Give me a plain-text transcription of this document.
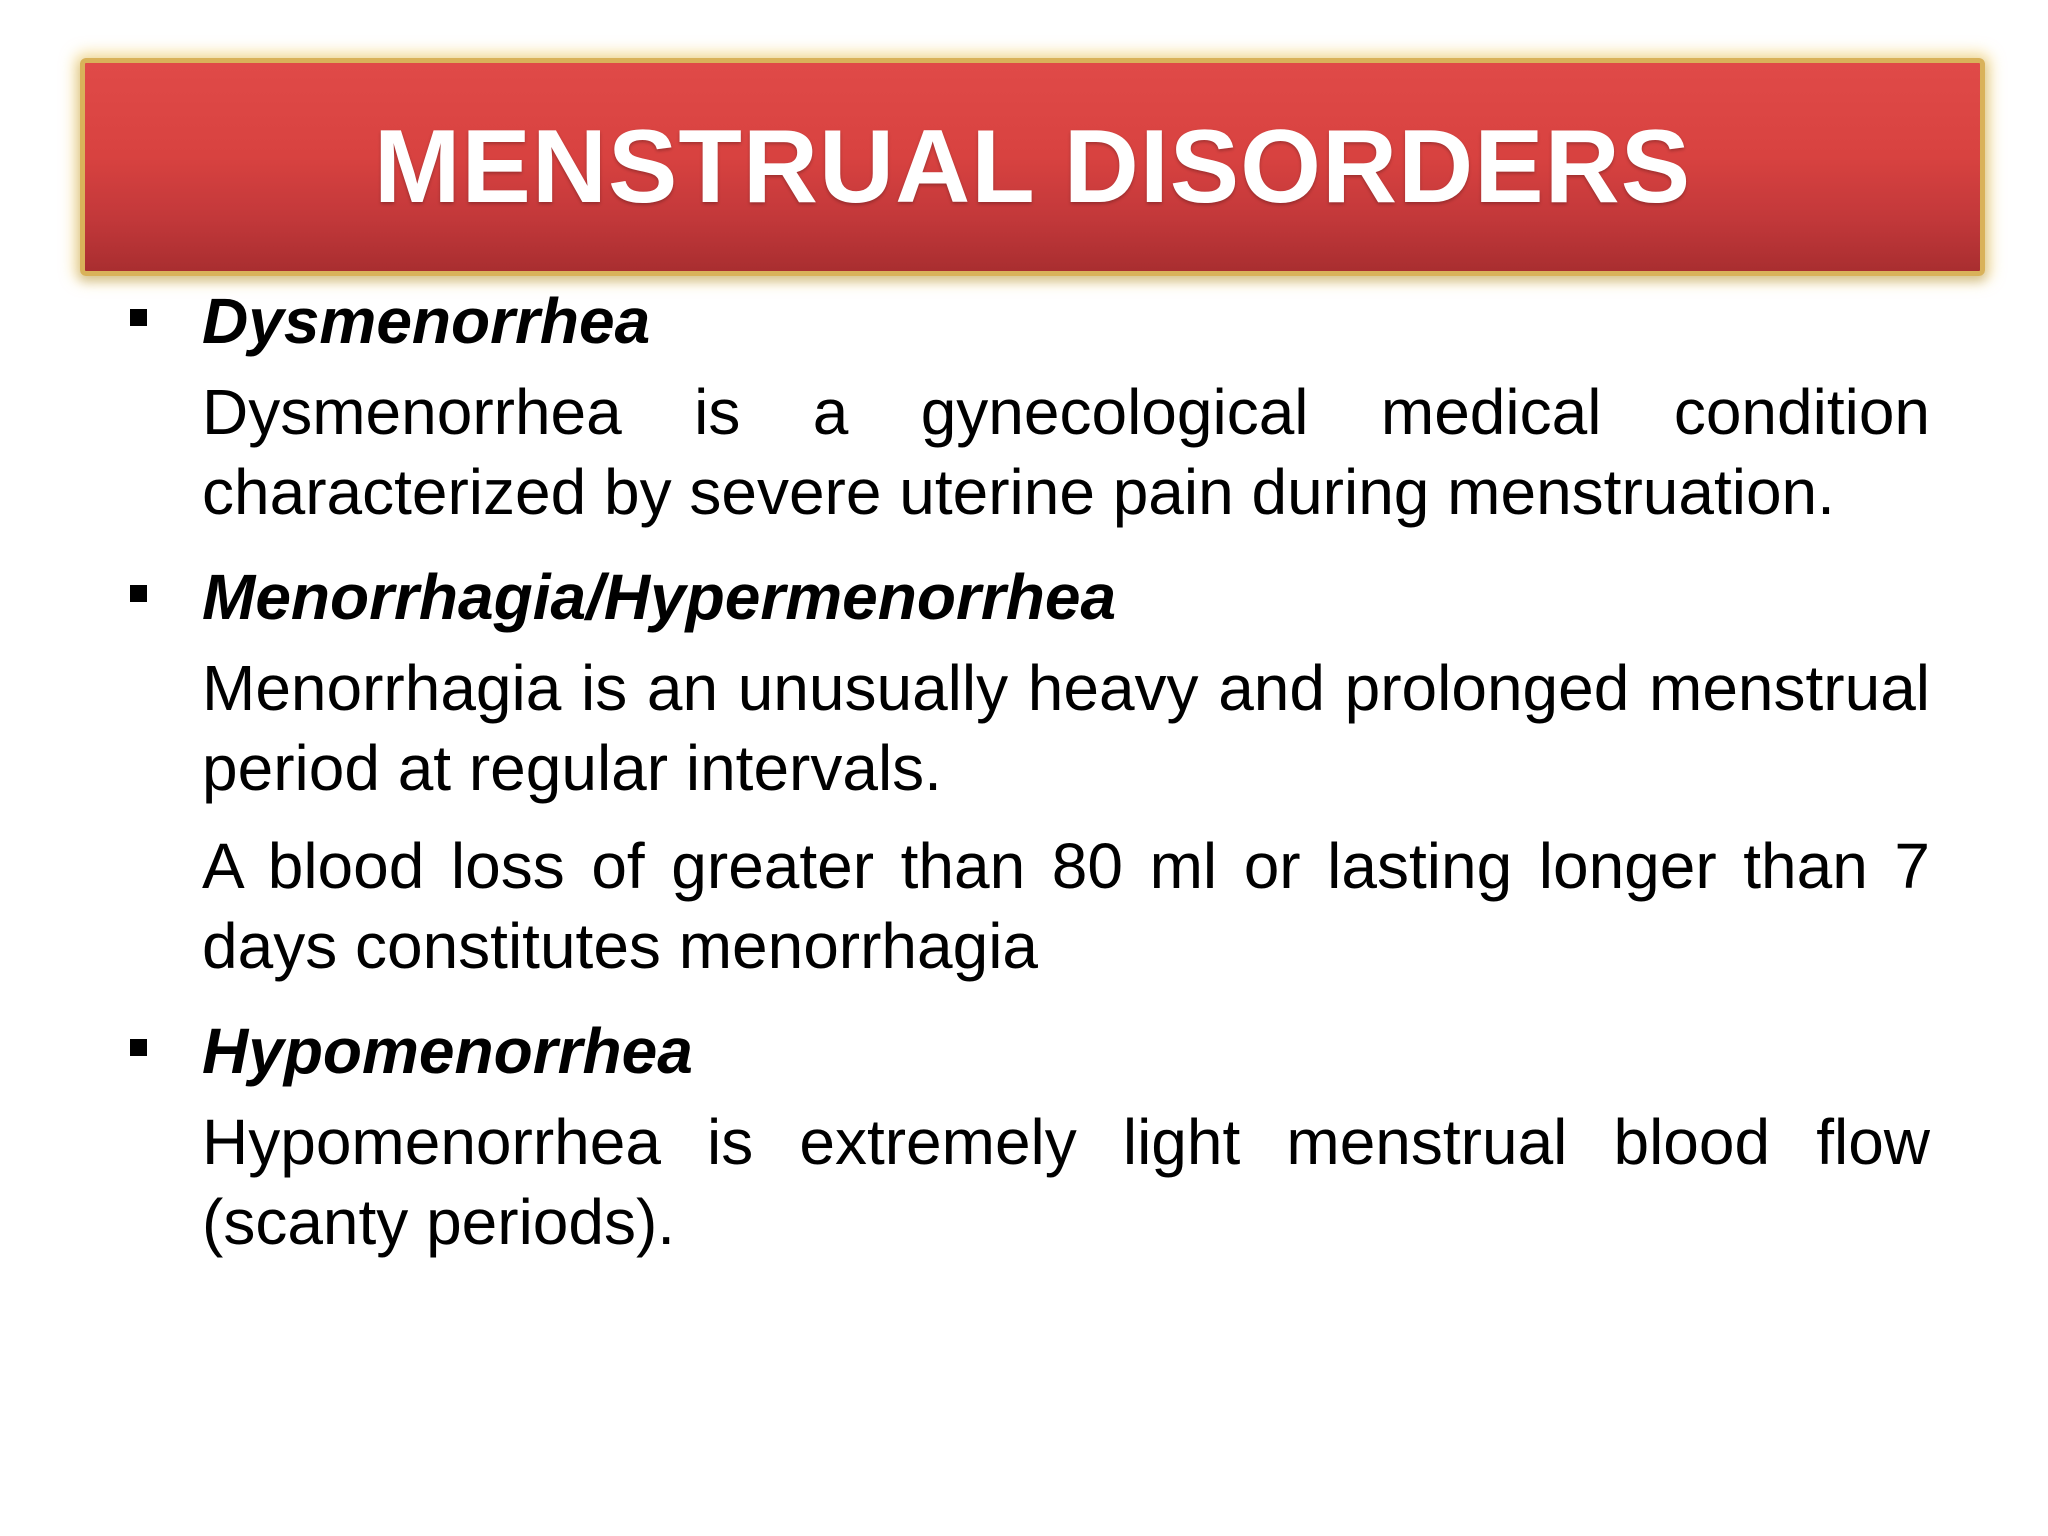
MENSTRUAL DISORDERS
Dysmenorrhea
Dysmenorrhea is a gynecological medical condition characterized by severe uterine pain during menstruation.
Menorrhagia/Hypermenorrhea
Menorrhagia is an unusually heavy and prolonged menstrual period at regular intervals.
A blood loss of greater than 80 ml or lasting longer than 7 days constitutes menorrhagia
Hypomenorrhea
Hypomenorrhea is extremely light menstrual blood flow (scanty periods).
